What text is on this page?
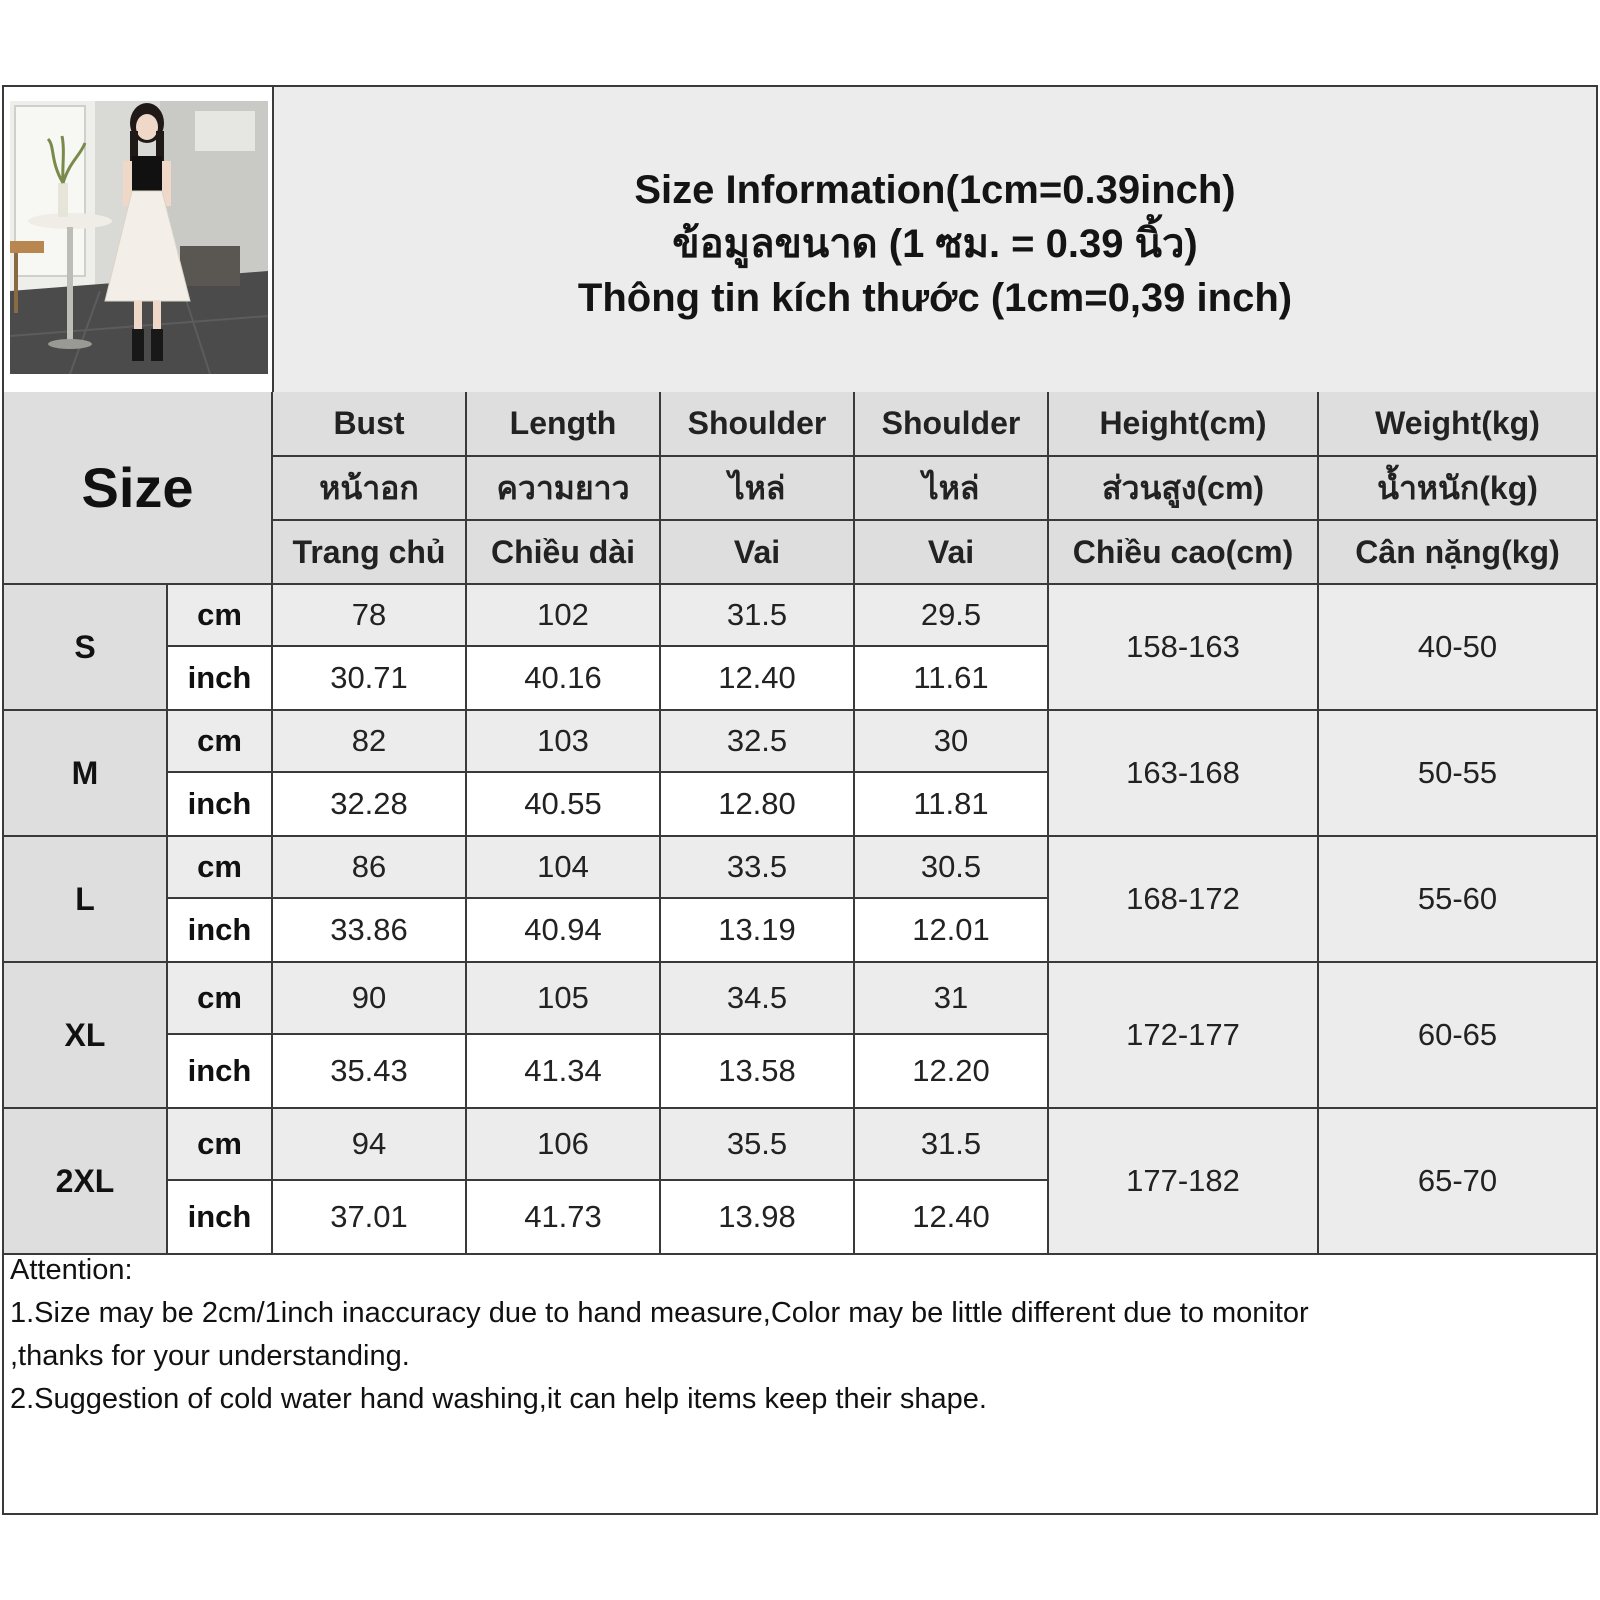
Size Information(1cm=0.39inch)
ข้อมูลขนาด (1 ซม. = 0.39 นิ้ว)
Thông tin kích thước (1cm=0,39 inch)
Size		Bust	Length	Shoulder	Shoulder	Height(cm)	Weight(kg)
		หน้าอก	ความยาว	ไหล่	ไหล่	ส่วนสูง(cm)	น้ำหนัก(kg)
		Trang chủ	Chiều dài	Vai	Vai	Chiều cao(cm)	Cân nặng(kg)
S	cm	78	102	31.5	29.5	158-163	40-50
	inch	30.71	40.16	12.40	11.61		
M	cm	82	103	32.5	30	163-168	50-55
	inch	32.28	40.55	12.80	11.81		
L	cm	86	104	33.5	30.5	168-172	55-60
	inch	33.86	40.94	13.19	12.01		
XL	cm	90	105	34.5	31	172-177	60-65
	inch	35.43	41.34	13.58	12.20		
2XL	cm	94	106	35.5	31.5	177-182	65-70
	inch	37.01	41.73	13.98	12.40		
Attention:
1.Size may be 2cm/1inch inaccuracy due to hand measure,Color may be little different due to monitor
,thanks for your understanding.
2.Suggestion of cold water hand washing,it can help items keep their shape.
